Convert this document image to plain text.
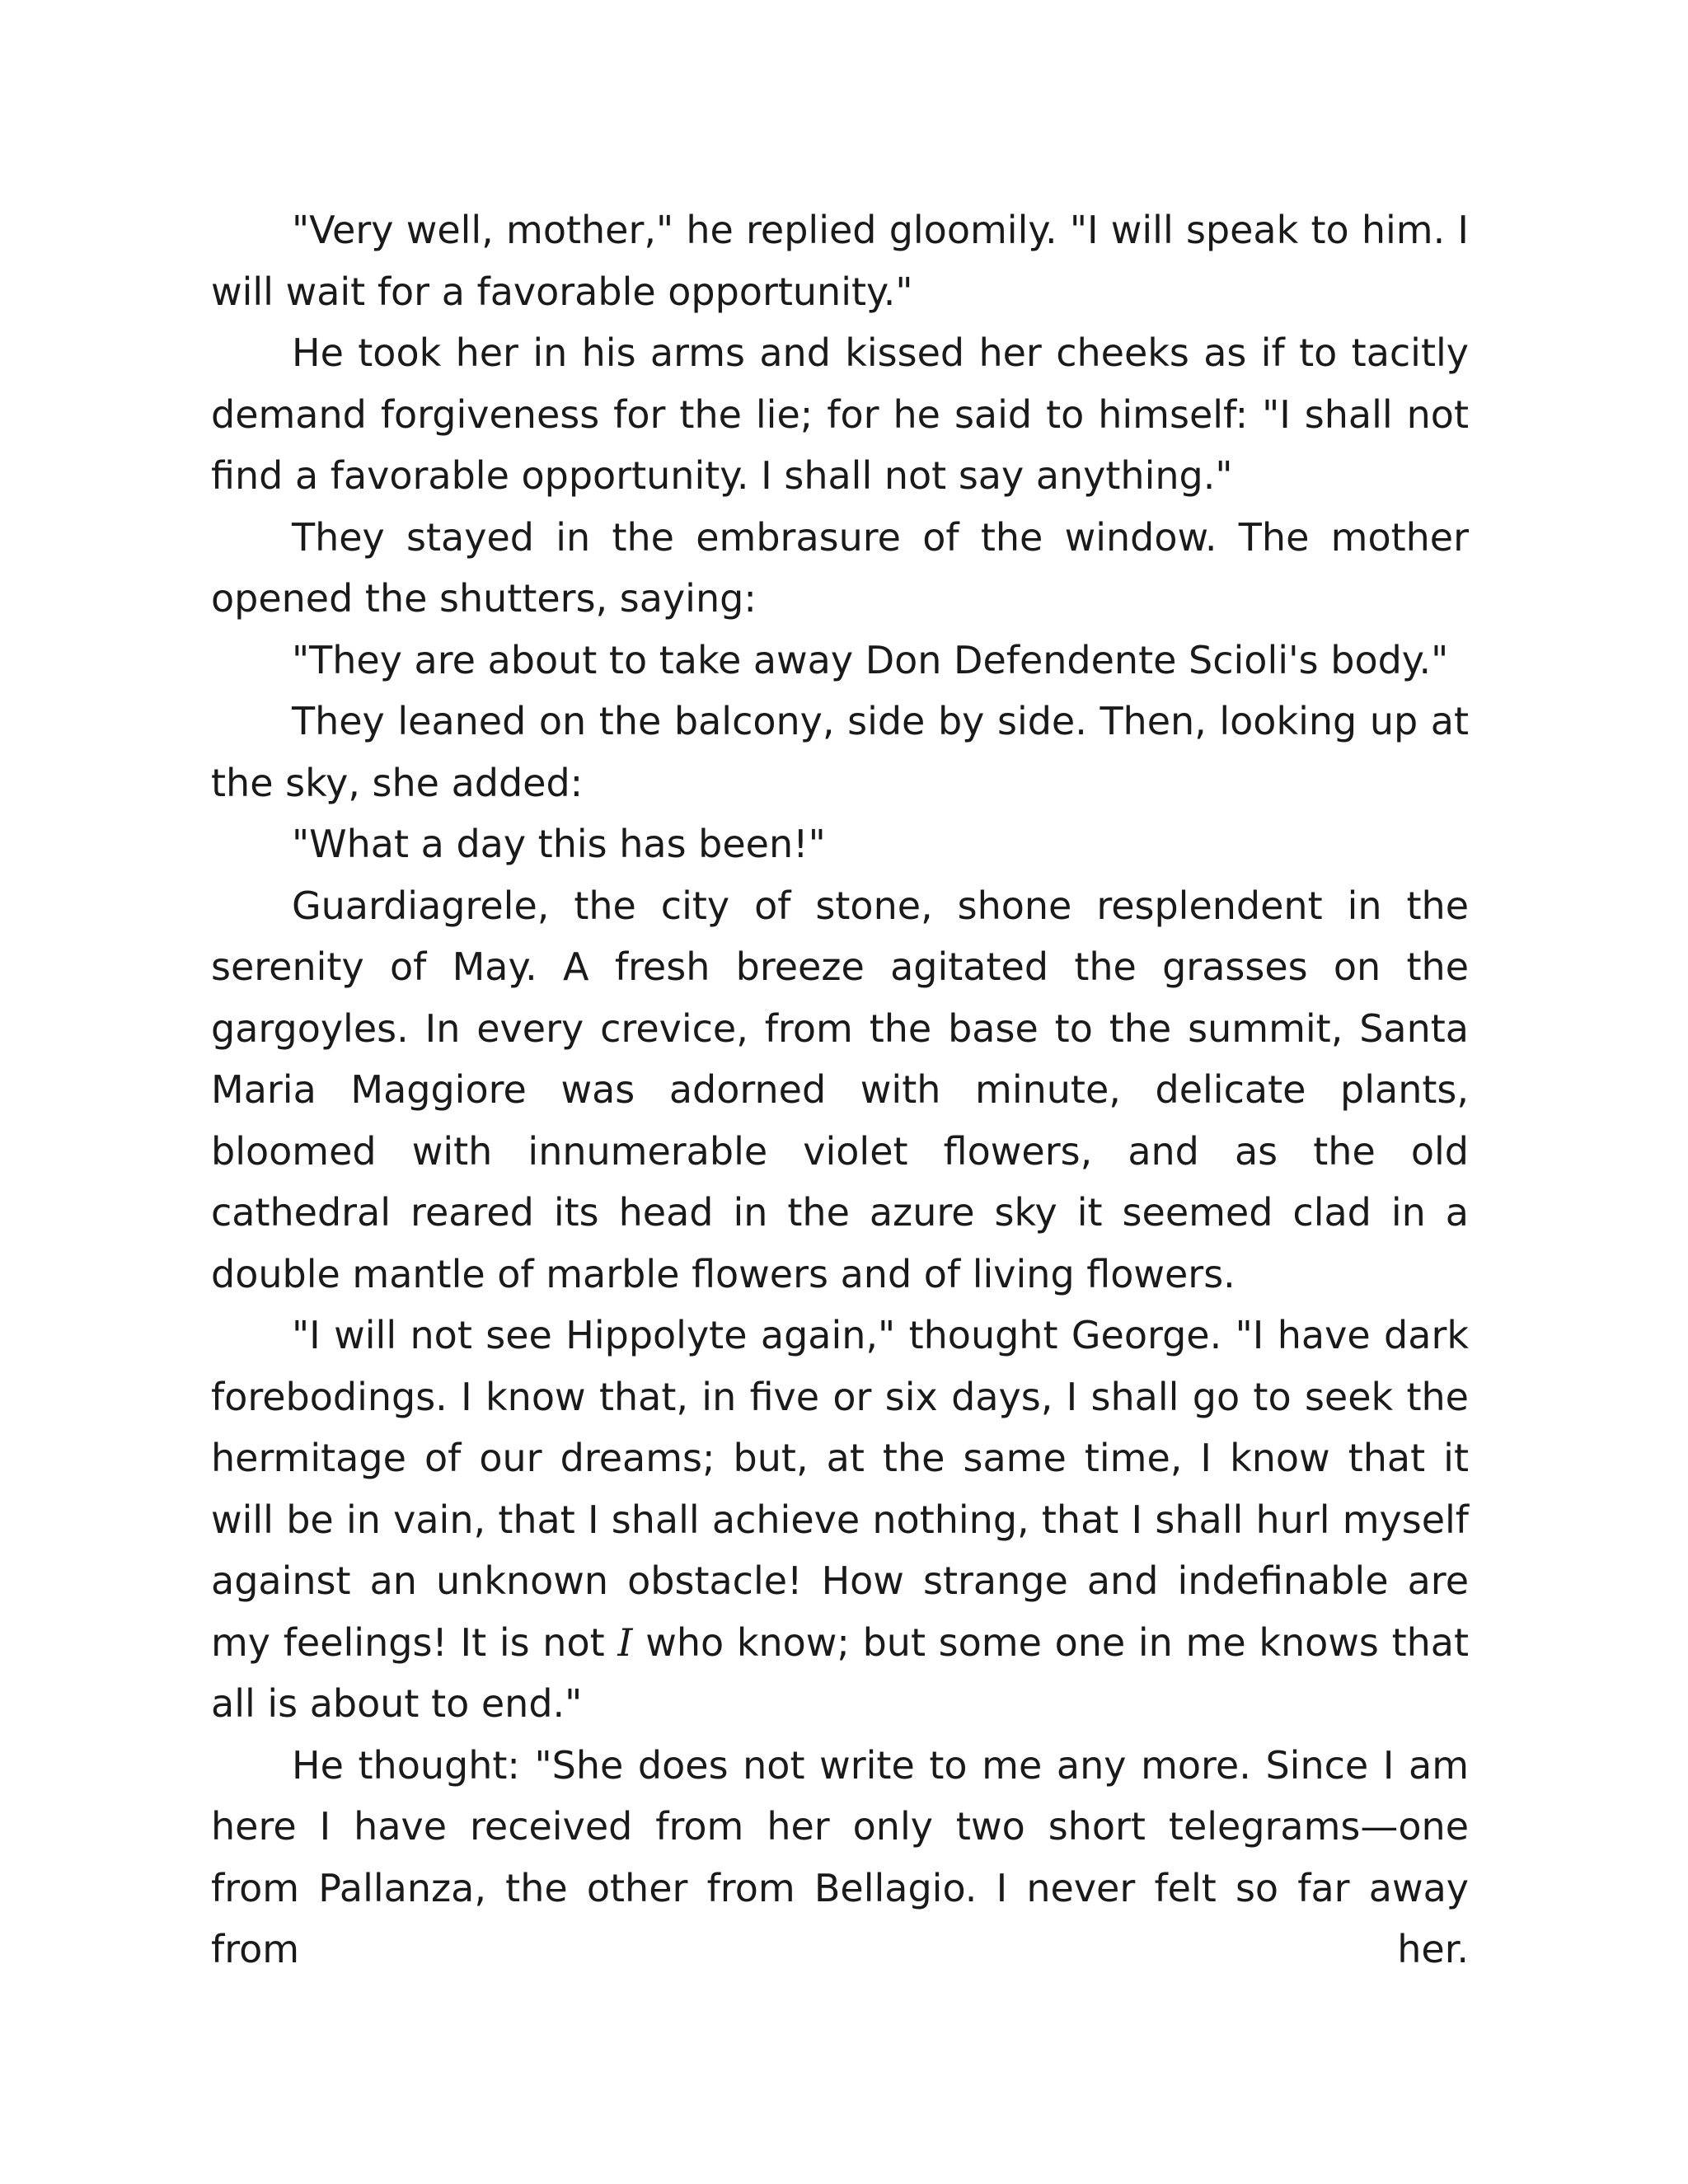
"Very well, mother," he replied gloomily. "I will speak to him. I will wait for a favorable opportunity."

He took her in his arms and kissed her cheeks as if to tacitly demand forgiveness for the lie; for he said to himself: "I shall not find a favorable opportunity. I shall not say anything."

They stayed in the embrasure of the window. The mother opened the shutters, saying:

"They are about to take away Don Defendente Scioli's body."

They leaned on the balcony, side by side. Then, looking up at the sky, she added:

"What a day this has been!"

Guardiagrele, the city of stone, shone resplendent in the serenity of May. A fresh breeze agitated the grasses on the gargoyles. In every crevice, from the base to the summit, Santa Maria Maggiore was adorned with minute, delicate plants, bloomed with innumerable violet flowers, and as the old cathedral reared its head in the azure sky it seemed clad in a double mantle of marble flowers and of living flowers.

"I will not see Hippolyte again," thought George. "I have dark forebodings. I know that, in five or six days, I shall go to seek the hermitage of our dreams; but, at the same time, I know that it will be in vain, that I shall achieve nothing, that I shall hurl myself against an unknown obstacle! How strange and indefinable are my feelings! It is not I who know; but some one in me knows that all is about to end."

He thought: "She does not write to me any more. Since I am here I have received from her only two short telegrams—one from Pallanza, the other from Bellagio. I never felt so far away from her.
